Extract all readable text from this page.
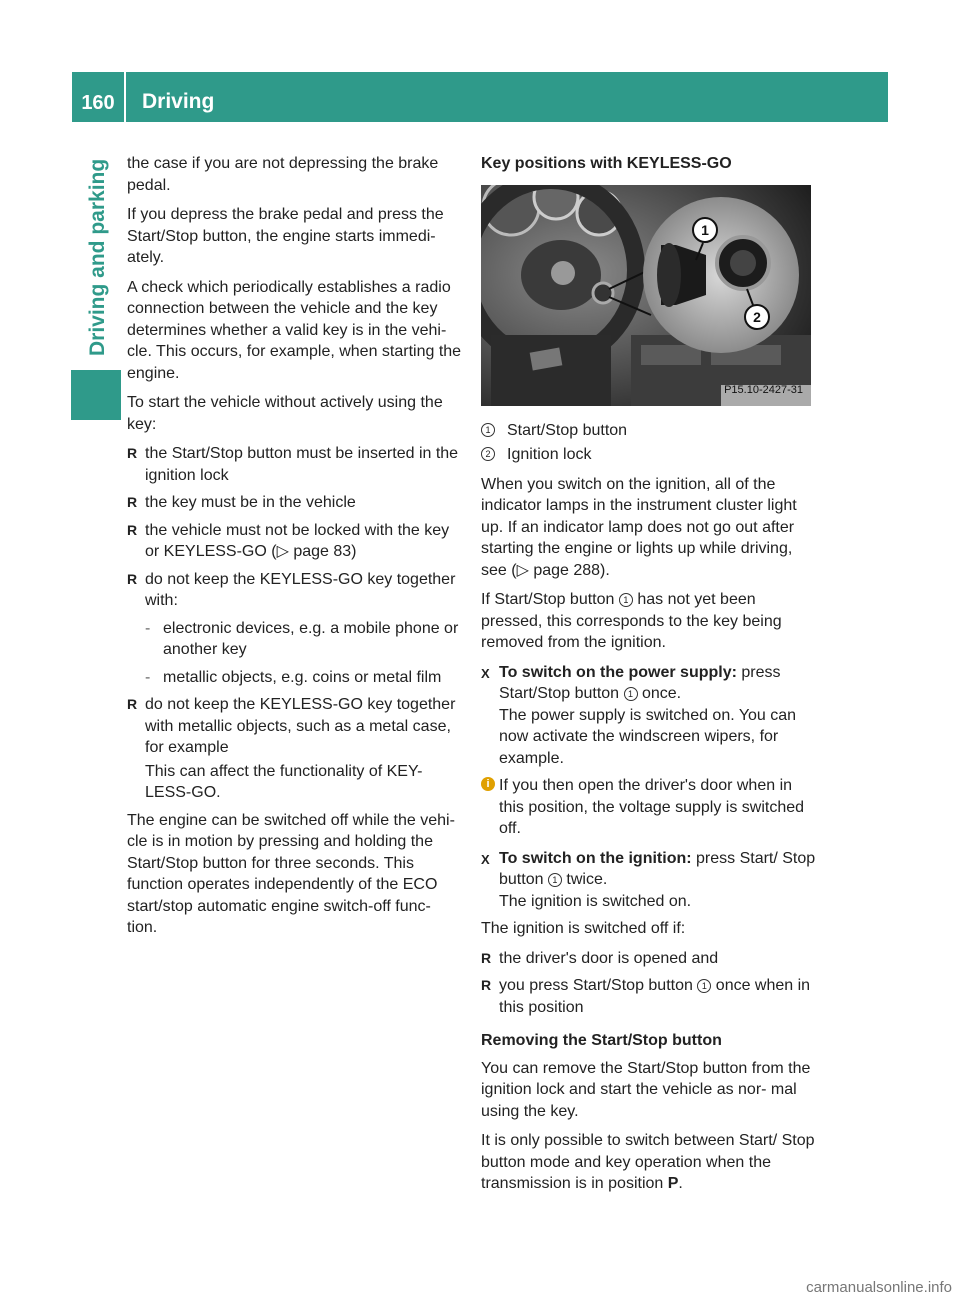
160	Driving
Driving and parking the case if you are not depressing the brake pedal.

If you depress the brake pedal and press the Start/Stop button, the engine starts immedi- ately.

A check which periodically establishes a radio connection between the vehicle and the key determines whether a valid key is in the vehi- cle. This occurs, for example, when starting the engine.

To start the vehicle without actively using the key:

R the Start/Stop button must be inserted in the ignition lock
R the key must be in the vehicle
R the vehicle must not be locked with the key or KEYLESS-GO (▷ page 83)
R do not keep the KEYLESS-GO key together with:
- electronic devices, e.g. a mobile phone or another key
- metallic objects, e.g. coins or metal film
R do not keep the KEYLESS-GO key together with metallic objects, such as a metal case, for example
This can affect the functionality of KEY- LESS-GO.

The engine can be switched off while the vehi- cle is in motion by pressing and holding the Start/Stop button for three seconds. This function operates independently of the ECO start/stop automatic engine switch-off func- tion.

Key positions with KEYLESS-GO
1
2
P15.10-2427-31
1 Start/Stop button
2 Ignition lock

When you switch on the ignition, all of the indicator lamps in the instrument cluster light up. If an indicator lamp does not go out after starting the engine or lights up while driving, see (▷ page 288).

If Start/Stop button 1 has not yet been pressed, this corresponds to the key being removed from the ignition.

X To switch on the power supply: press Start/Stop button 1 once.
The power supply is switched on. You can now activate the windscreen wipers, for example.
i If you then open the driver's door when in this position, the voltage supply is switched off.
X To switch on the ignition: press Start/ Stop button 1 twice.
The ignition is switched on.

The ignition is switched off if:

R the driver's door is opened and
R you press Start/Stop button 1 once when in this position
Removing the Start/Stop button

You can remove the Start/Stop button from the ignition lock and start the vehicle as nor- mal using the key.

It is only possible to switch between Start/ Stop button mode and key operation when the transmission is in position P.

carmanualsonline.info
